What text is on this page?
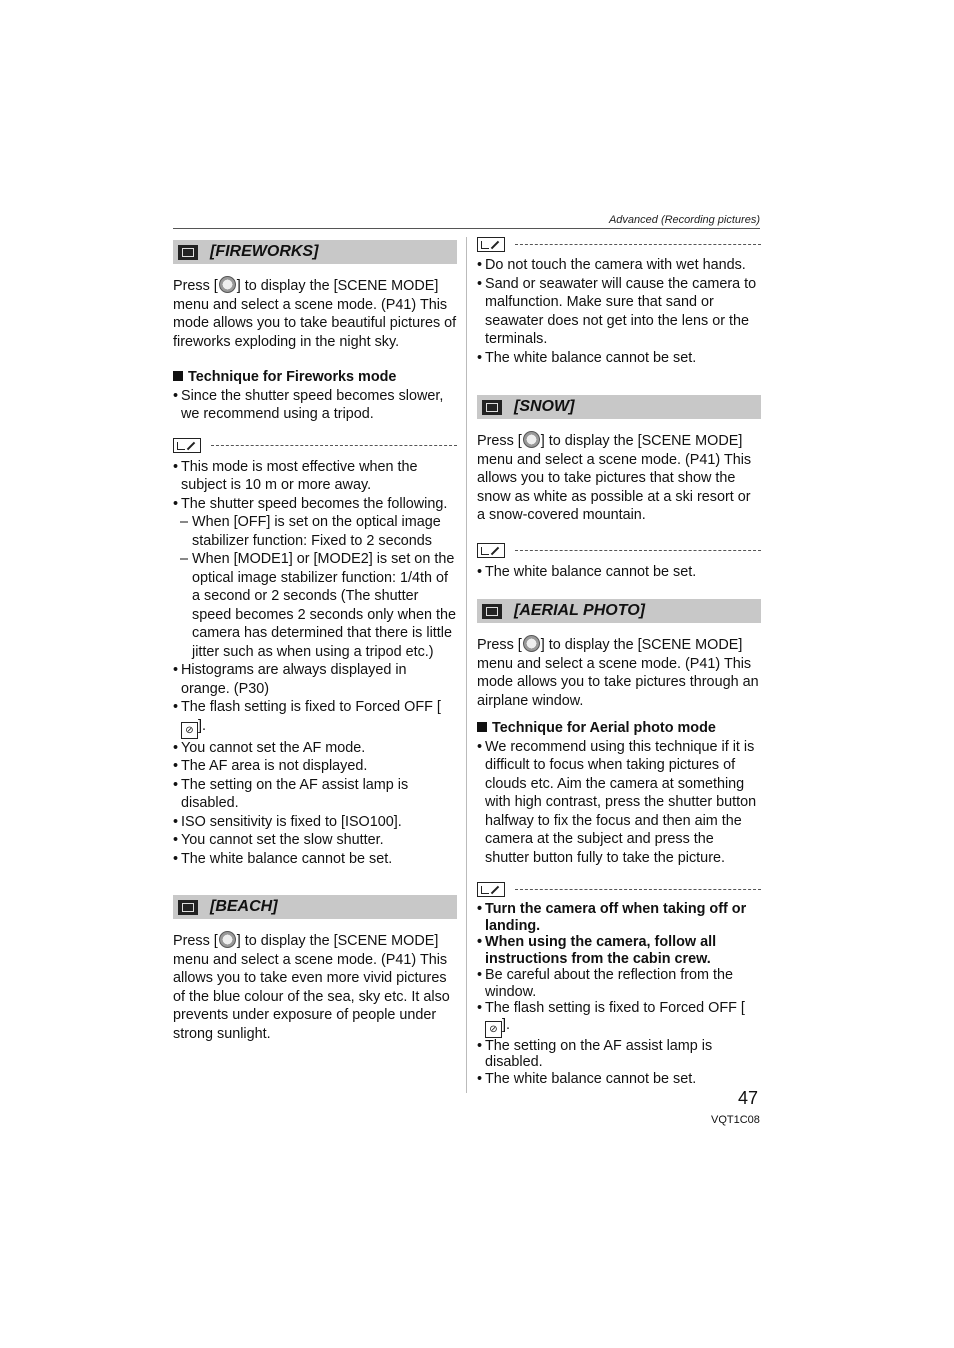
Advanced (Recording pictures)
[FIREWORKS]

Press [ ] to display the [SCENE MODE] menu and select a scene mode. (P41) This mode allows you to take beautiful pictures of fireworks exploding in the night sky.

Technique for Fireworks mode
• Since the shutter speed becomes slower, we recommend using a tripod.
• This mode is most effective when the subject is 10 m or more away.
• The shutter speed becomes the following.
– When [OFF] is set on the optical image stabilizer function: Fixed to 2 seconds
– When [MODE1] or [MODE2] is set on the optical image stabilizer function: 1/4th of a second or 2 seconds (The shutter speed becomes 2 seconds only when the camera has determined that there is little jitter such as when using a tripod etc.)
• Histograms are always displayed in orange. (P30)
• The flash setting is fixed to Forced OFF [⊘ ].
• You cannot set the AF mode.
• The AF area is not displayed.
• The setting on the AF assist lamp is disabled.
• ISO sensitivity is fixed to [ISO100].
• You cannot set the slow shutter.
• The white balance cannot be set.
[BEACH]

Press [ ] to display the [SCENE MODE] menu and select a scene mode. (P41) This allows you to take even more vivid pictures of the blue colour of the sea, sky etc. It also prevents under exposure of people under strong sunlight.

• Do not touch the camera with wet hands.
• Sand or seawater will cause the camera to malfunction. Make sure that sand or seawater does not get into the lens or the terminals.
• The white balance cannot be set.
[SNOW]

Press [ ] to display the [SCENE MODE] menu and select a scene mode. (P41) This allows you to take pictures that show the snow as white as possible at a ski resort or a snow-covered mountain.

• The white balance cannot be set.
[AERIAL PHOTO]

Press [ ] to display the [SCENE MODE] menu and select a scene mode. (P41) This mode allows you to take pictures through an airplane window.

Technique for Aerial photo mode
• We recommend using this technique if it is difficult to focus when taking pictures of clouds etc. Aim the camera at something with high contrast, press the shutter button halfway to fix the focus and then aim the camera at the subject and press the shutter button fully to take the picture.
• Turn the camera off when taking off or landing.
• When using the camera, follow all instructions from the cabin crew.
• Be careful about the reflection from the window.
• The flash setting is fixed to Forced OFF [⊘ ].
• The setting on the AF assist lamp is disabled.
• The white balance cannot be set.
47
VQT1C08
